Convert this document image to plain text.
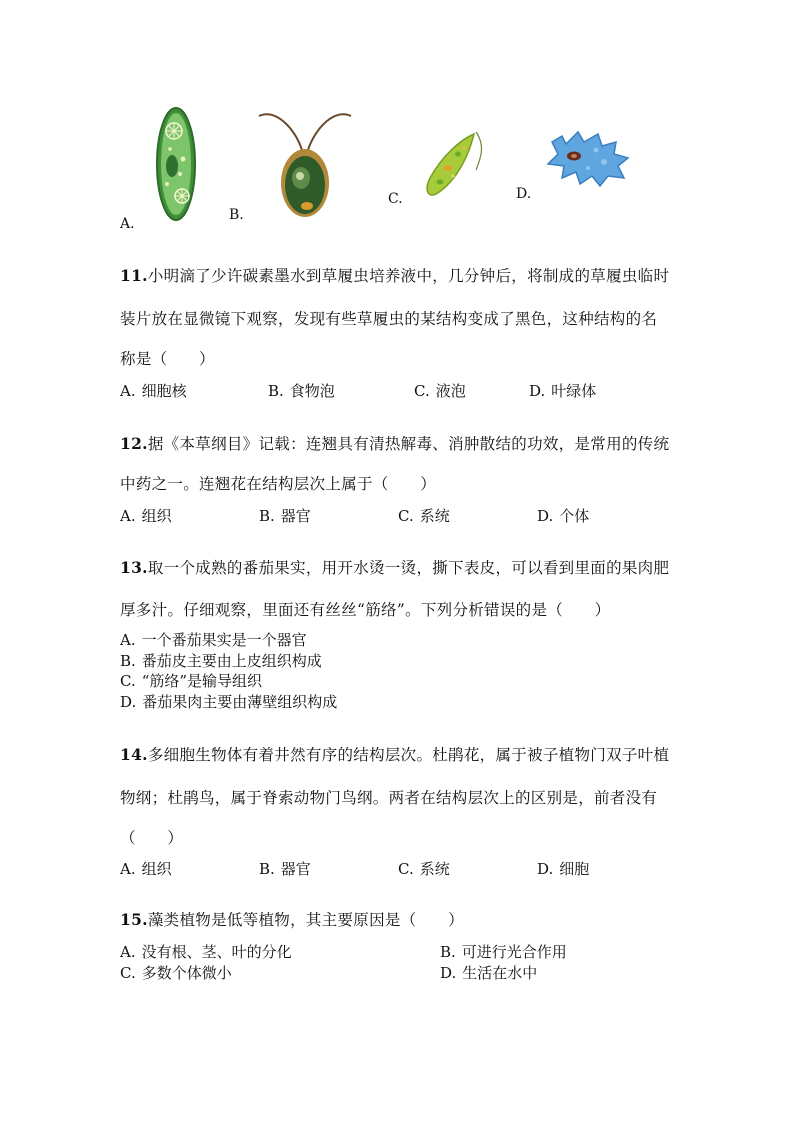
A.
B.
C.	D.
11.小明滴了少许碳素墨水到草履虫培养液中，几分钟后，将制成的草履虫临时
装片放在显微镜下观察，发现有些草履虫的某结构变成了黑色，这种结构的名
称是（　　）
A. 细胞核	B. 食物泡	C. 液泡	D. 叶绿体
12.据《本草纲目》记载：连翘具有清热解毒、消肿散结的功效，是常用的传统
中药之一。连翘花在结构层次上属于（　　）
A. 组织	B. 器官	C. 系统	D. 个体
13.取一个成熟的番茄果实，用开水烫一烫，撕下表皮，可以看到里面的果肉肥
厚多汁。仔细观察，里面还有丝丝“筋络”。下列分析错误的是（　　）
A. 一个番茄果实是一个器官
B. 番茄皮主要由上皮组织构成
C. “筋络”是输导组织
D. 番茄果肉主要由薄壁组织构成
14.多细胞生物体有着井然有序的结构层次。杜鹃花，属于被子植物门双子叶植
物纲；杜鹃鸟，属于脊索动物门鸟纲。两者在结构层次上的区别是，前者没有
（　　）
A. 组织	B. 器官	C. 系统	D. 细胞
15.藻类植物是低等植物，其主要原因是（　　）
A. 没有根、茎、叶的分化	B. 可进行光合作用
C. 多数个体微小	D. 生活在水中
